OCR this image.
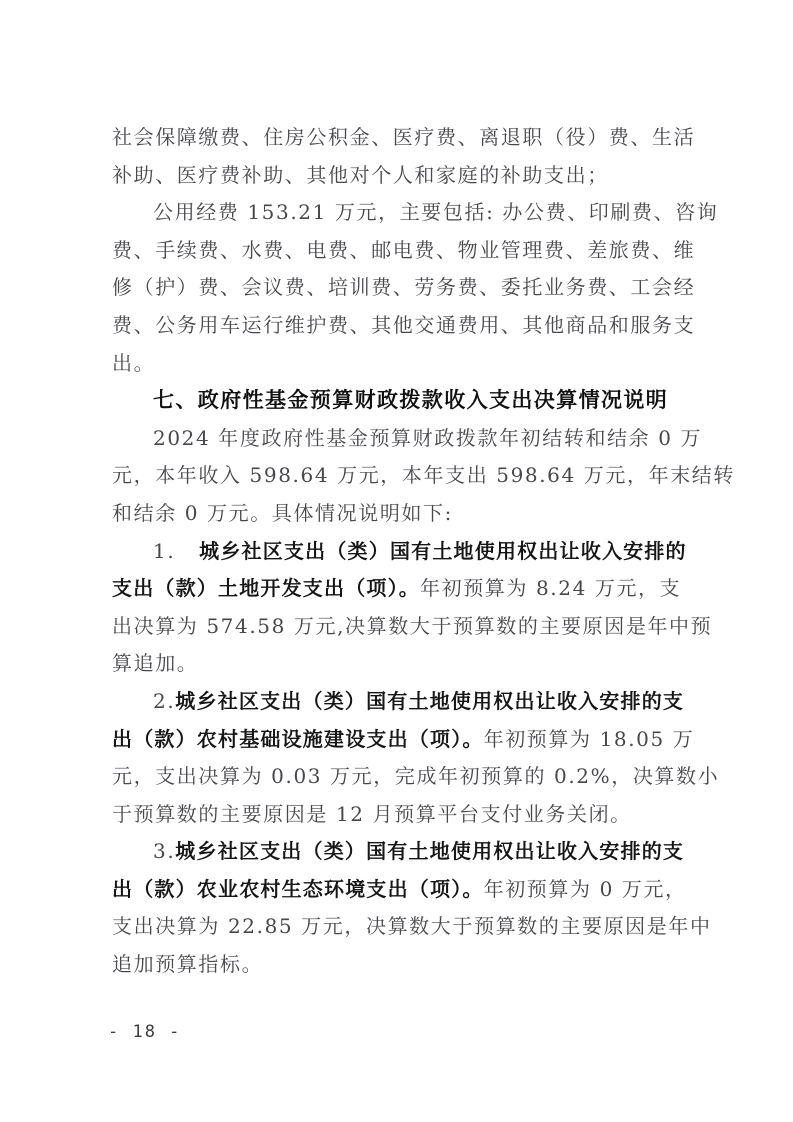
社会保障缴费、住房公积金、医疗费、离退职（役）费、生活
补助、医疗费补助、其他对个人和家庭的补助支出；
公用经费 153.21 万元，主要包括: 办公费、印刷费、咨询
费、手续费、水费、电费、邮电费、物业管理费、差旅费、维
修（护）费、会议费、培训费、劳务费、委托业务费、工会经
费、公务用车运行维护费、其他交通费用、其他商品和服务支
出。
七、政府性基金预算财政拨款收入支出决算情况说明
2024 年度政府性基金预算财政拨款年初结转和结余 0 万
元，本年收入 598.64 万元，本年支出 598.64 万元，年末结转
和结余 0 万元。具体情况说明如下:
1.   城乡社区支出（类）国有土地使用权出让收入安排的
支出（款）土地开发支出（项）。年初预算为 8.24 万元，支
出决算为 574.58 万元,决算数大于预算数的主要原因是年中预
算追加。
2.城乡社区支出（类）国有土地使用权出让收入安排的支
出（款）农村基础设施建设支出（项）。年初预算为 18.05 万
元，支出决算为 0.03 万元，完成年初预算的 0.2%，决算数小
于预算数的主要原因是 12 月预算平台支付业务关闭。
3.城乡社区支出（类）国有土地使用权出让收入安排的支
出（款）农业农村生态环境支出（项）。年初预算为 0 万元，
支出决算为 22.85 万元，决算数大于预算数的主要原因是年中
追加预算指标。
- 18 -
